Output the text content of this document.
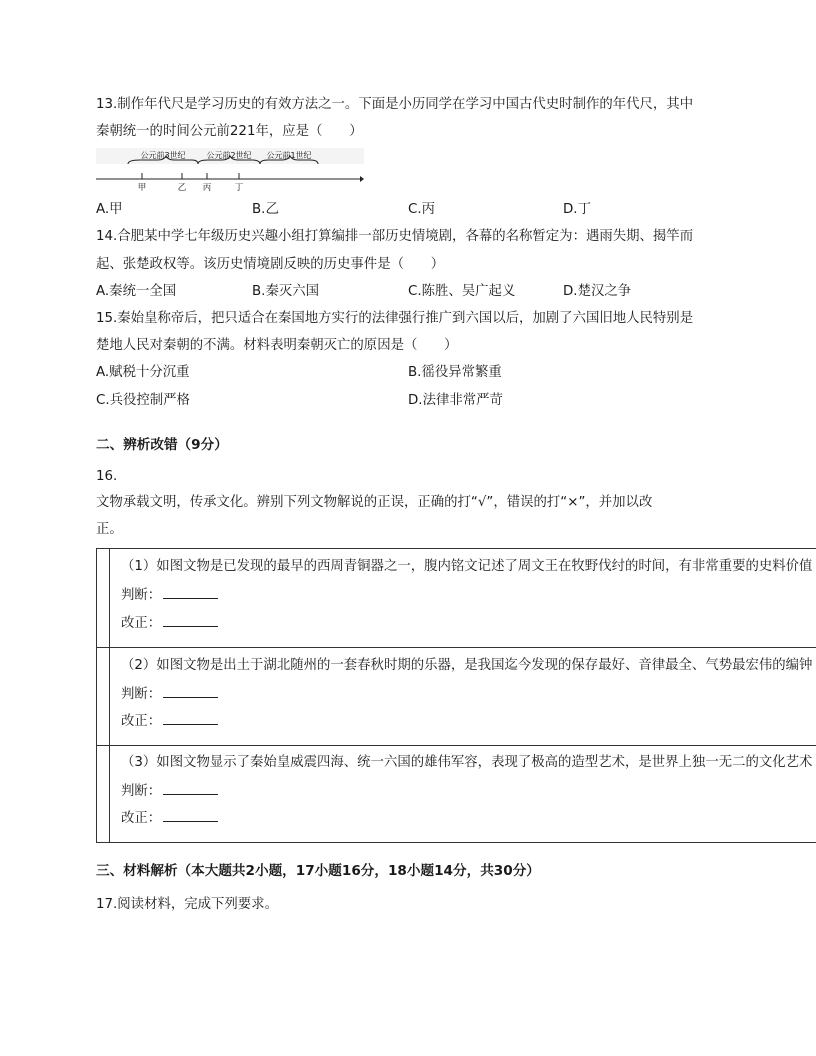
13.制作年代尺是学习历史的有效方法之一。下面是小历同学在学习中国古代史时制作的年代尺，其中
秦朝统一的时间公元前221年，应是（　　）
公元前3世纪	公元前2世纪 公元前1世纪
甲	乙 丙	丁
A.甲	B.乙	C.丙	D.丁
14.合肥某中学七年级历史兴趣小组打算编排一部历史情境剧，各幕的名称暂定为：遇雨失期、揭竿而
起、张楚政权等。该历史情境剧反映的历史事件是（　　）
A.秦统一全国	B.秦灭六国	C.陈胜、吴广起义	D.楚汉之争
15.秦始皇称帝后，把只适合在秦国地方实行的法律强行推广到六国以后，加剧了六国旧地人民特别是
楚地人民对秦朝的不满。材料表明秦朝灭亡的原因是（　　）
A.赋税十分沉重	B.徭役异常繁重
C.兵役控制严格	D.法律非常严苛
二、辨析改错（9分）
16.
文物承载文明，传承文化。辨别下列文物解说的正误，正确的打“√”，错误的打“×”，并加以改
正。
（1）如图文物是已发现的最早的西周青铜器之一，腹内铭文记述了周文王在牧野伐纣的时间，有非常重要的史料价值
判断：
改正：
（2）如图文物是出土于湖北随州的一套春秋时期的乐器，是我国迄今发现的保存最好、音律最全、气势最宏伟的编钟
判断：
改正：
（3）如图文物显示了秦始皇威震四海、统一六国的雄伟军容，表现了极高的造型艺术，是世界上独一无二的文化艺术
判断：
改正：
三、材料解析（本大题共2小题，17小题16分，18小题14分，共30分）
17.阅读材料，完成下列要求。
